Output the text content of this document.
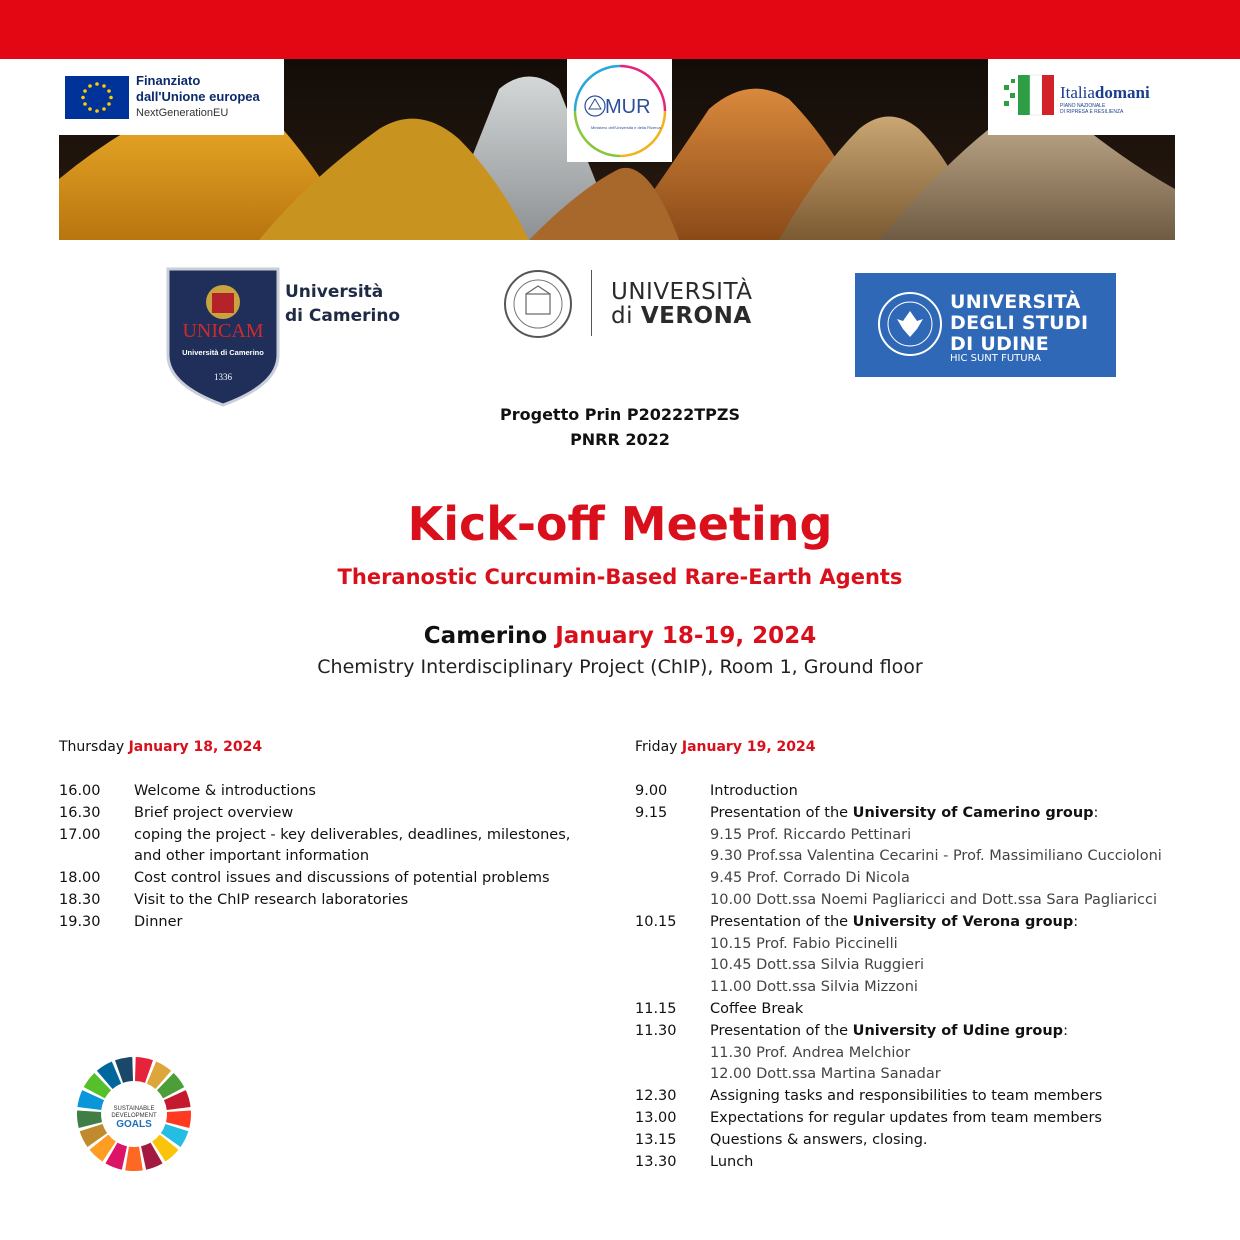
Finanziato
dall'Unione europea
NextGenerationEU	MUR
Ministero dell'Università e della Ricerca
Italiadomani
PIANO NAZIONALE
DI RIPRESA E RESILIENZA
UNICAM
Università di Camerino
1336
Università
di Camerino
UNIVERSITÀ
di VERONA
UNIVERSITÀ
DEGLI STUDI
DI UDINE
HIC SUNT FUTURA
Progetto Prin P20222TPZS
PNRR 2022
Kick-off Meeting
Theranostic Curcumin-Based Rare-Earth Agents
Camerino January 18-19, 2024
Chemistry Interdisciplinary Project (ChIP), Room 1, Ground floor
Thursday January 18, 2024
16.00	Welcome & introductions
16.30	Brief project overview
17.00	coping the project - key deliverables, deadlines, milestones,
and other important information
18.00	Cost control issues and discussions of potential problems
18.30	Visit to the ChIP research laboratories
19.30	Dinner
Friday January 19, 2024
9.00	Introduction
9.15	Presentation of the University of Camerino group:
9.15 Prof. Riccardo Pettinari
9.30 Prof.ssa Valentina Cecarini - Prof. Massimiliano Cuccioloni
9.45 Prof. Corrado Di Nicola
10.00 Dott.ssa Noemi Pagliaricci and Dott.ssa Sara Pagliaricci
10.15	Presentation of the University of Verona group:
10.15 Prof. Fabio Piccinelli
10.45 Dott.ssa Silvia Ruggieri
11.00 Dott.ssa Silvia Mizzoni
11.15	Coffee Break
11.30	Presentation of the University of Udine group:
11.30 Prof. Andrea Melchior
12.00 Dott.ssa Martina Sanadar
12.30	Assigning tasks and responsibilities to team members
13.00	Expectations for regular updates from team members
13.15	Questions & answers, closing.
13.30	Lunch
SUSTAINABLE
DEVELOPMENT
GOALS
